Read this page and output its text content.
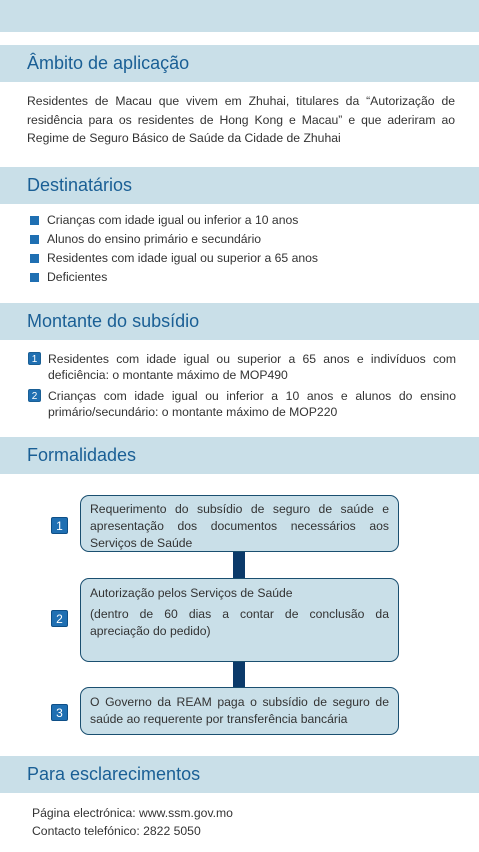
Âmbito de aplicação
Residentes de Macau que vivem em Zhuhai, titulares da “Autorização de residência para os residentes de Hong Kong e Macau” e que aderiram ao Regime de Seguro Básico de Saúde da Cidade de Zhuhai
Destinatários
Crianças com idade igual ou inferior a 10 anos
Alunos do ensino primário e secundário
Residentes com idade igual ou superior a 65 anos
Deficientes
Montante do subsídio
1 Residentes com idade igual ou superior a 65 anos e indivíduos com deficiência: o montante máximo de MOP490
2 Crianças com idade igual ou inferior a 10 anos e alunos do ensino primário/secundário: o montante máximo de MOP220
Formalidades
Requerimento do subsídio de seguro de saúde e apresentação dos documentos necessários aos Serviços de Saúde
1
Autorização pelos Serviços de Saúde
(dentro de 60 dias a contar de conclusão da apreciação do pedido)
2
O Governo da REAM paga o subsídio de seguro de saúde ao requerente por transferência bancária
3
Para esclarecimentos
Página electrónica: www.ssm.gov.mo
Contacto telefónico: 2822 5050
